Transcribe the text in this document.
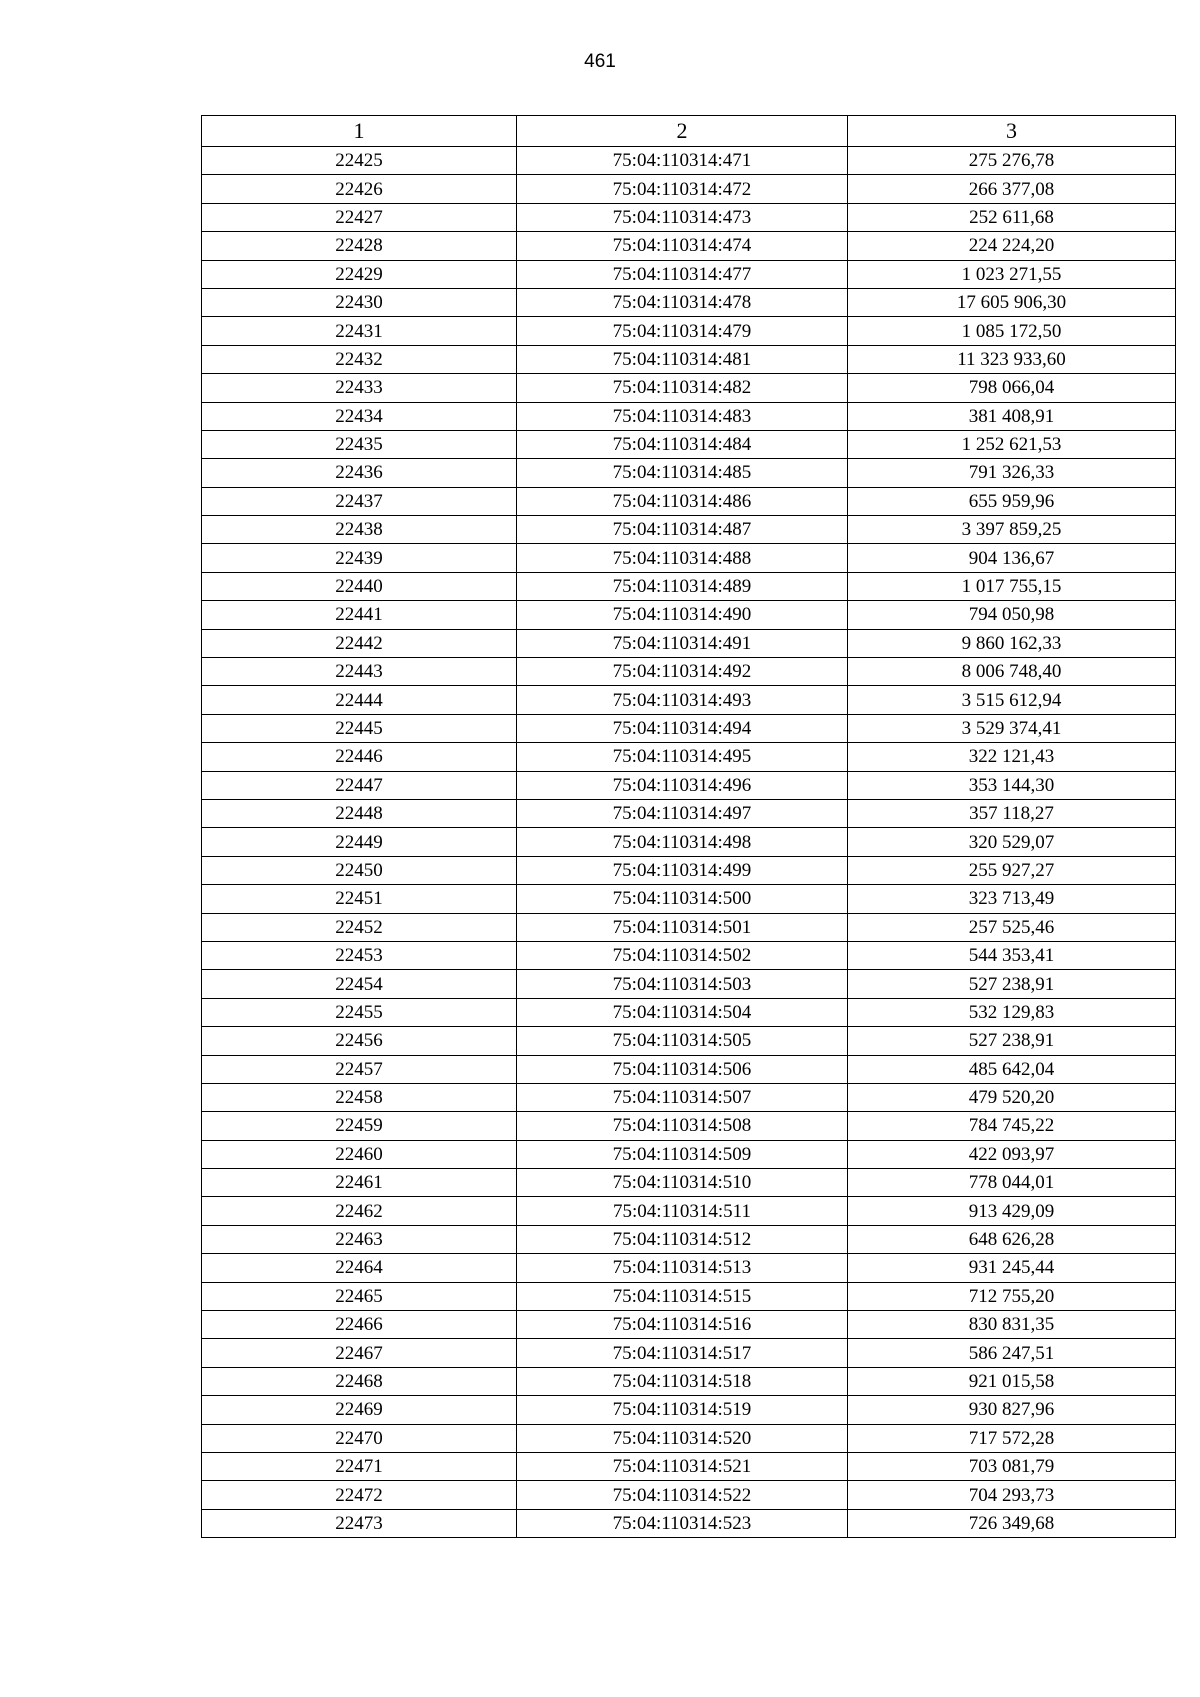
461
1	2	3
22425	75:04:110314:471	275 276,78
22426	75:04:110314:472	266 377,08
22427	75:04:110314:473	252 611,68
22428	75:04:110314:474	224 224,20
22429	75:04:110314:477	1 023 271,55
22430	75:04:110314:478	17 605 906,30
22431	75:04:110314:479	1 085 172,50
22432	75:04:110314:481	11 323 933,60
22433	75:04:110314:482	798 066,04
22434	75:04:110314:483	381 408,91
22435	75:04:110314:484	1 252 621,53
22436	75:04:110314:485	791 326,33
22437	75:04:110314:486	655 959,96
22438	75:04:110314:487	3 397 859,25
22439	75:04:110314:488	904 136,67
22440	75:04:110314:489	1 017 755,15
22441	75:04:110314:490	794 050,98
22442	75:04:110314:491	9 860 162,33
22443	75:04:110314:492	8 006 748,40
22444	75:04:110314:493	3 515 612,94
22445	75:04:110314:494	3 529 374,41
22446	75:04:110314:495	322 121,43
22447	75:04:110314:496	353 144,30
22448	75:04:110314:497	357 118,27
22449	75:04:110314:498	320 529,07
22450	75:04:110314:499	255 927,27
22451	75:04:110314:500	323 713,49
22452	75:04:110314:501	257 525,46
22453	75:04:110314:502	544 353,41
22454	75:04:110314:503	527 238,91
22455	75:04:110314:504	532 129,83
22456	75:04:110314:505	527 238,91
22457	75:04:110314:506	485 642,04
22458	75:04:110314:507	479 520,20
22459	75:04:110314:508	784 745,22
22460	75:04:110314:509	422 093,97
22461	75:04:110314:510	778 044,01
22462	75:04:110314:511	913 429,09
22463	75:04:110314:512	648 626,28
22464	75:04:110314:513	931 245,44
22465	75:04:110314:515	712 755,20
22466	75:04:110314:516	830 831,35
22467	75:04:110314:517	586 247,51
22468	75:04:110314:518	921 015,58
22469	75:04:110314:519	930 827,96
22470	75:04:110314:520	717 572,28
22471	75:04:110314:521	703 081,79
22472	75:04:110314:522	704 293,73
22473	75:04:110314:523	726 349,68
